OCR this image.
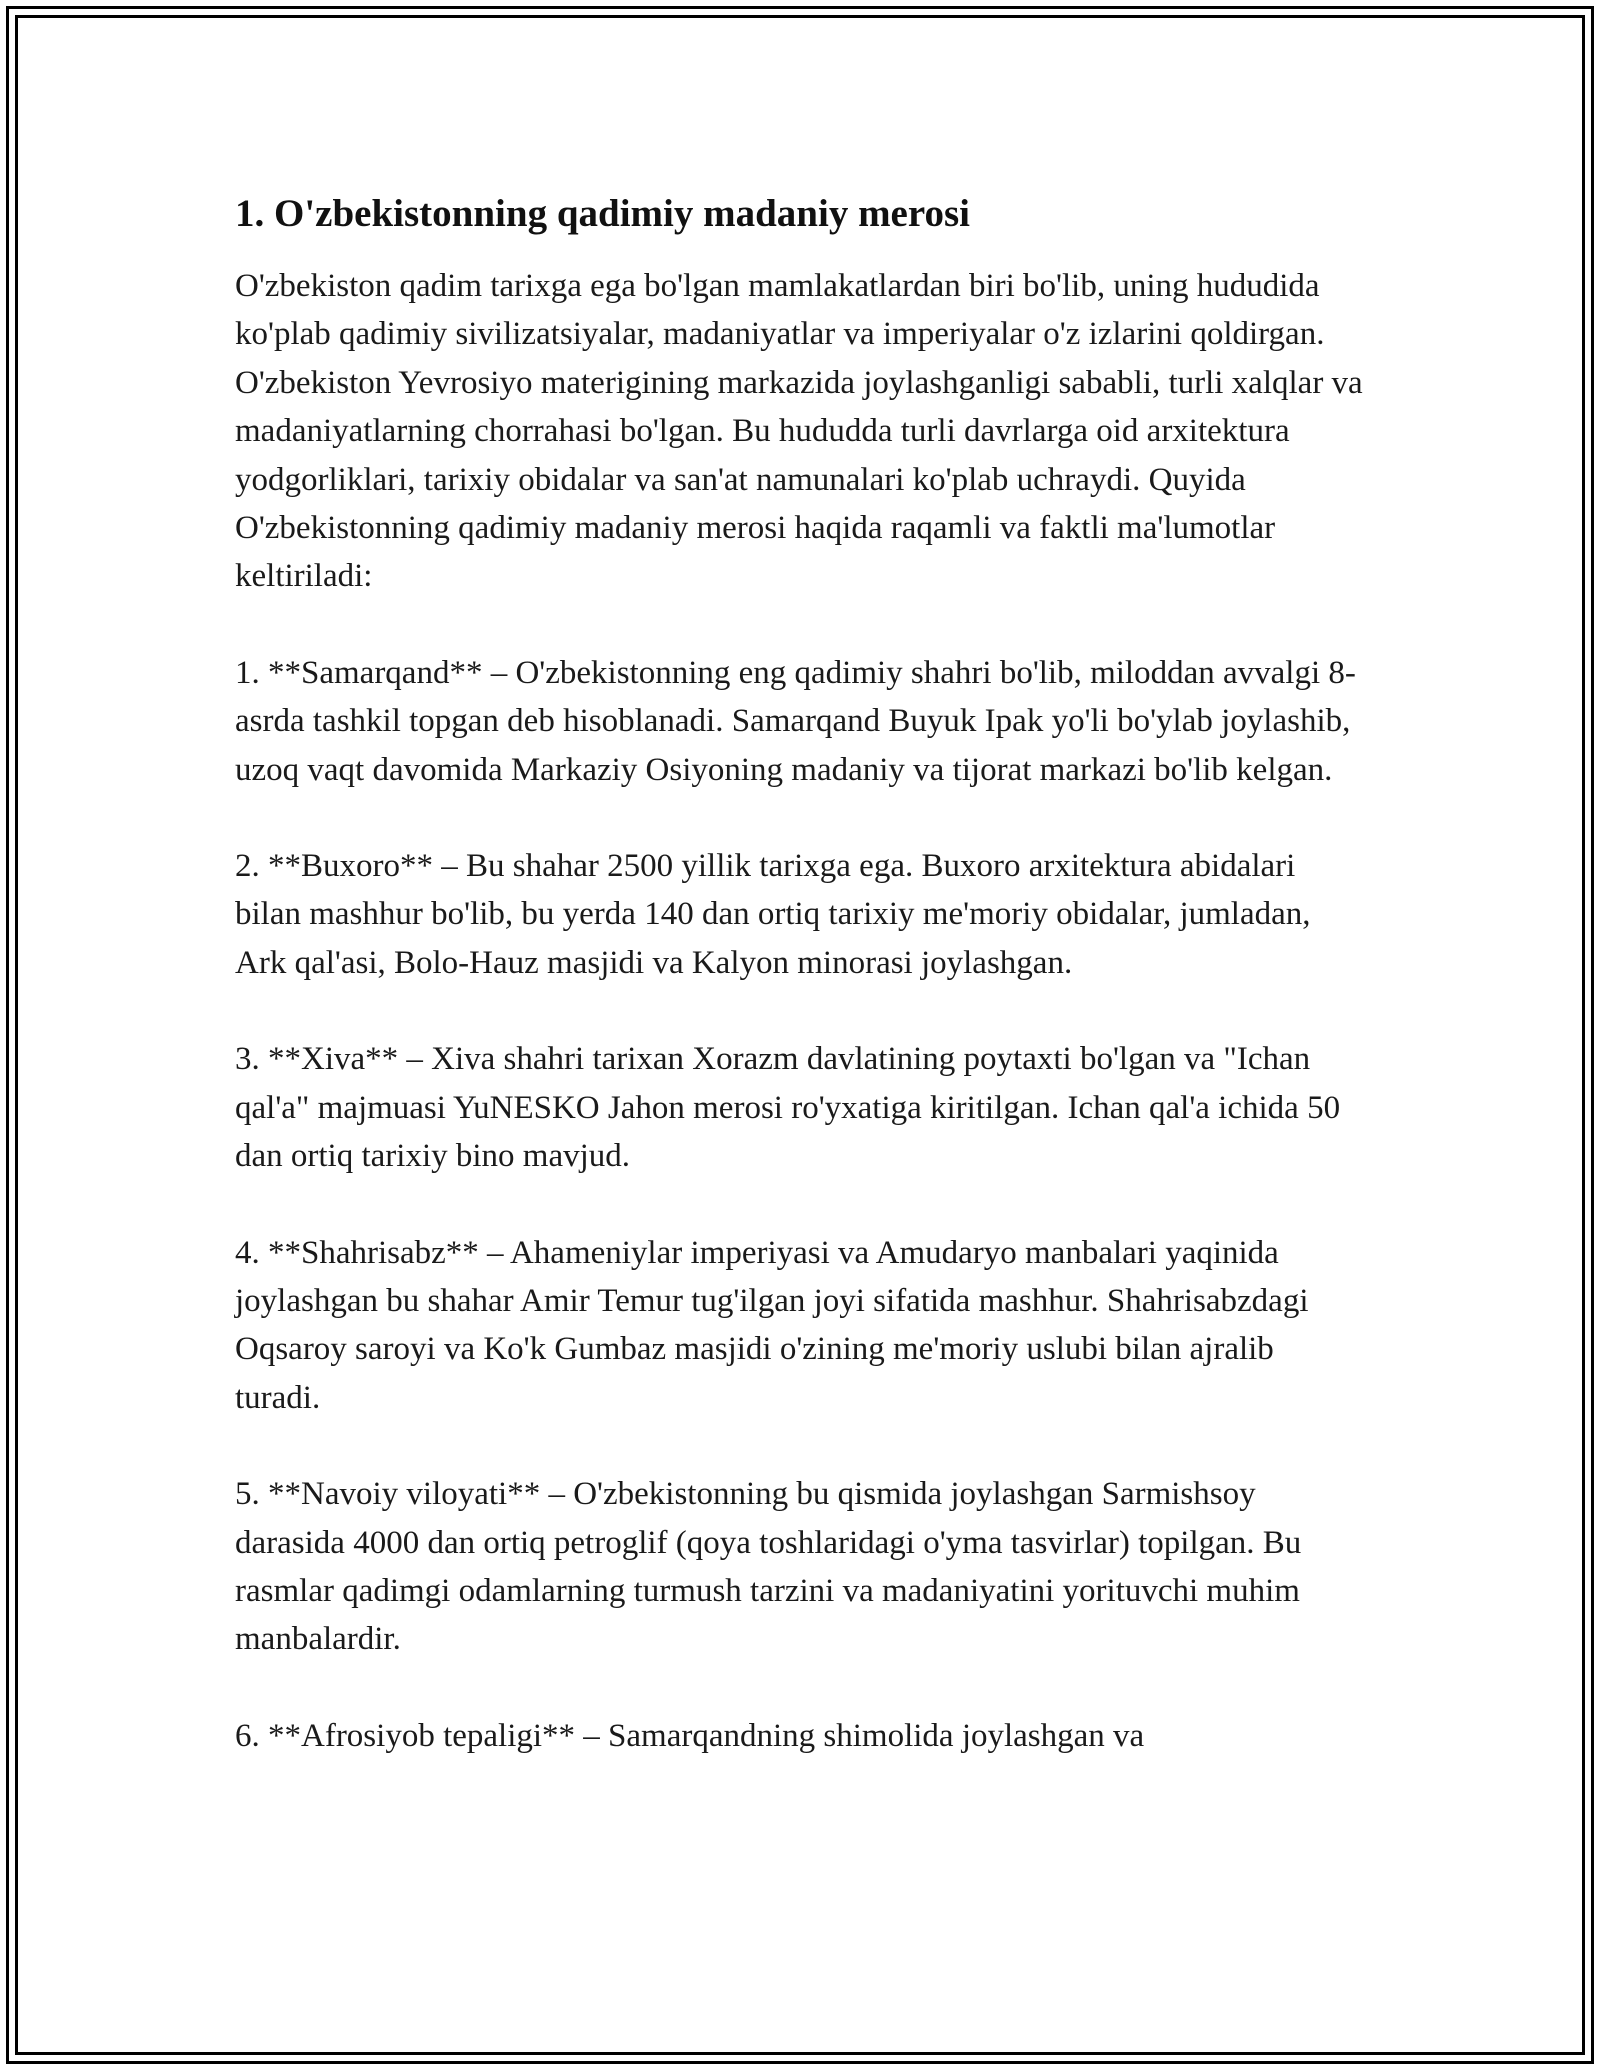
1. O'zbekistonning qadimiy madaniy merosi

O'zbekiston qadim tarixga ega bo'lgan mamlakatlardan biri bo'lib, uning hududida ko'plab qadimiy sivilizatsiyalar, madaniyatlar va imperiyalar o'z izlarini qoldirgan. O'zbekiston Yevrosiyo materigining markazida joylashganligi sababli, turli xalqlar va madaniyatlarning chorrahasi bo'lgan. Bu hududda turli davrlarga oid arxitektura yodgorliklari, tarixiy obidalar va san'at namunalari ko'plab uchraydi. Quyida O'zbekistonning qadimiy madaniy merosi haqida raqamli va faktli ma'lumotlar keltiriladi:

1. **Samarqand** – O'zbekistonning eng qadimiy shahri bo'lib, miloddan avvalgi 8-asrda tashkil topgan deb hisoblanadi. Samarqand Buyuk Ipak yo'li bo'ylab joylashib, uzoq vaqt davomida Markaziy Osiyoning madaniy va tijorat markazi bo'lib kelgan.

2. **Buxoro** – Bu shahar 2500 yillik tarixga ega. Buxoro arxitektura abidalari bilan mashhur bo'lib, bu yerda 140 dan ortiq tarixiy me'moriy obidalar, jumladan, Ark qal'asi, Bolo-Hauz masjidi va Kalyon minorasi joylashgan.

3. **Xiva** – Xiva shahri tarixan Xorazm davlatining poytaxti bo'lgan va "Ichan qal'a" majmuasi YuNESKO Jahon merosi ro'yxatiga kiritilgan. Ichan qal'a ichida 50 dan ortiq tarixiy bino mavjud.

4. **Shahrisabz** – Ahameniylar imperiyasi va Amudaryo manbalari yaqinida joylashgan bu shahar Amir Temur tug'ilgan joyi sifatida mashhur. Shahrisabzdagi Oqsaroy saroyi va Ko'k Gumbaz masjidi o'zining me'moriy uslubi bilan ajralib turadi.

5. **Navoiy viloyati** – O'zbekistonning bu qismida joylashgan Sarmishsoy darasida 4000 dan ortiq petroglif (qoya toshlaridagi o'yma tasvirlar) topilgan. Bu rasmlar qadimgi odamlarning turmush tarzini va madaniyatini yorituvchi muhim manbalardir.

6. **Afrosiyob tepaligi** – Samarqandning shimolida joylashgan va
